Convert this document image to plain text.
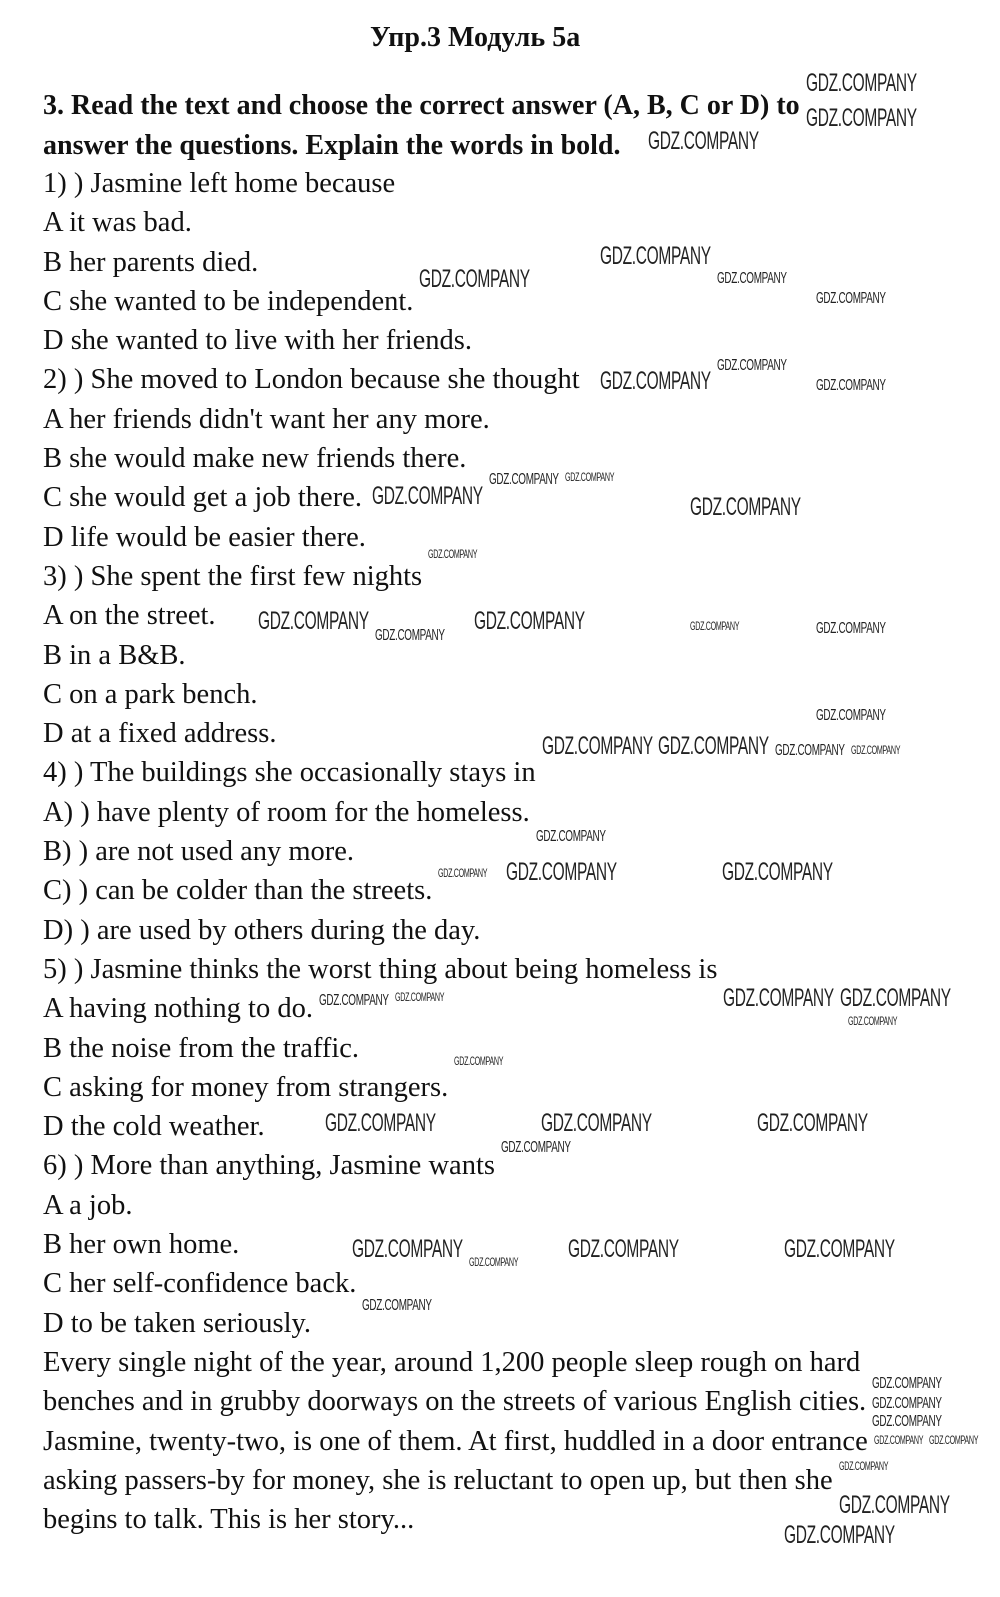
Упр.3 Модуль 5а
3. Read the text and choose the correct answer (A, B, C or D) to
answer the questions. Explain the words in bold.
1) ) Jasmine left home because
A it was bad.
B her parents died.
C she wanted to be independent.
D she wanted to live with her friends.
2) ) She moved to London because she thought
A her friends didn't want her any more.
B she would make new friends there.
C she would get a job there.
D life would be easier there.
3) ) She spent the first few nights
A on the street.
B in a B&B.
C on a park bench.
D at a fixed address.
4) ) The buildings she occasionally stays in
A) ) have plenty of room for the homeless.
B) ) are not used any more.
C) ) can be colder than the streets.
D) ) are used by others during the day.
5) ) Jasmine thinks the worst thing about being homeless is
A having nothing to do.
B the noise from the traffic.
C asking for money from strangers.
D the cold weather.
6) ) More than anything, Jasmine wants
A a job.
B her own home.
C her self-confidence back.
D to be taken seriously.
Every single night of the year, around 1,200 people sleep rough on hard
benches and in grubby doorways on the streets of various English cities.
Jasmine, twenty-two, is one of them. At first, huddled in a door entrance
asking passers-by for money, she is reluctant to open up, but then she
begins to talk. This is her story...
GDZ.COMPANY
GDZ.COMPANY
GDZ.COMPANY
GDZ.COMPANY
GDZ.COMPANY
GDZ.COMPANY
GDZ.COMPANY	GDZ.COMPANY
GDZ.COMPANY	GDZ.COMPANY
GDZ.COMPANY GDZ.COMPANY
GDZ.COMPANY	GDZ.COMPANY
GDZ.COMPANY GDZ.COMPANY
GDZ.COMPANY	GDZ.COMPANY	GDZ.COMPANY
GDZ.COMPANY	GDZ.COMPANY	GDZ.COMPANY
GDZ.COMPANY
GDZ.COMPANY
GDZ.COMPANY
GDZ.COMPANY
GDZ.COMPANY
GDZ.COMPANY
GDZ.COMPANY
GDZ.COMPANY
GDZ.COMPANY
GDZ.COMPANY
GDZ.COMPANY
GDZ.COMPANY
GDZ.COMPANY
GDZ.COMPANY
GDZ.COMPANY	GDZ.COMPANY
GDZ.COMPANY
GDZ.COMPANY
GDZ.COMPANY
GDZ.COMPANY
GDZ.COMPANY
GDZ.COMPANY
GDZ.COMPANY
GDZ.COMPANY
GDZ.COMPANY
GDZ.COMPANY
GDZ.COMPANY GDZ.COMPANY
GDZ.COMPANY
GDZ.COMPANY
